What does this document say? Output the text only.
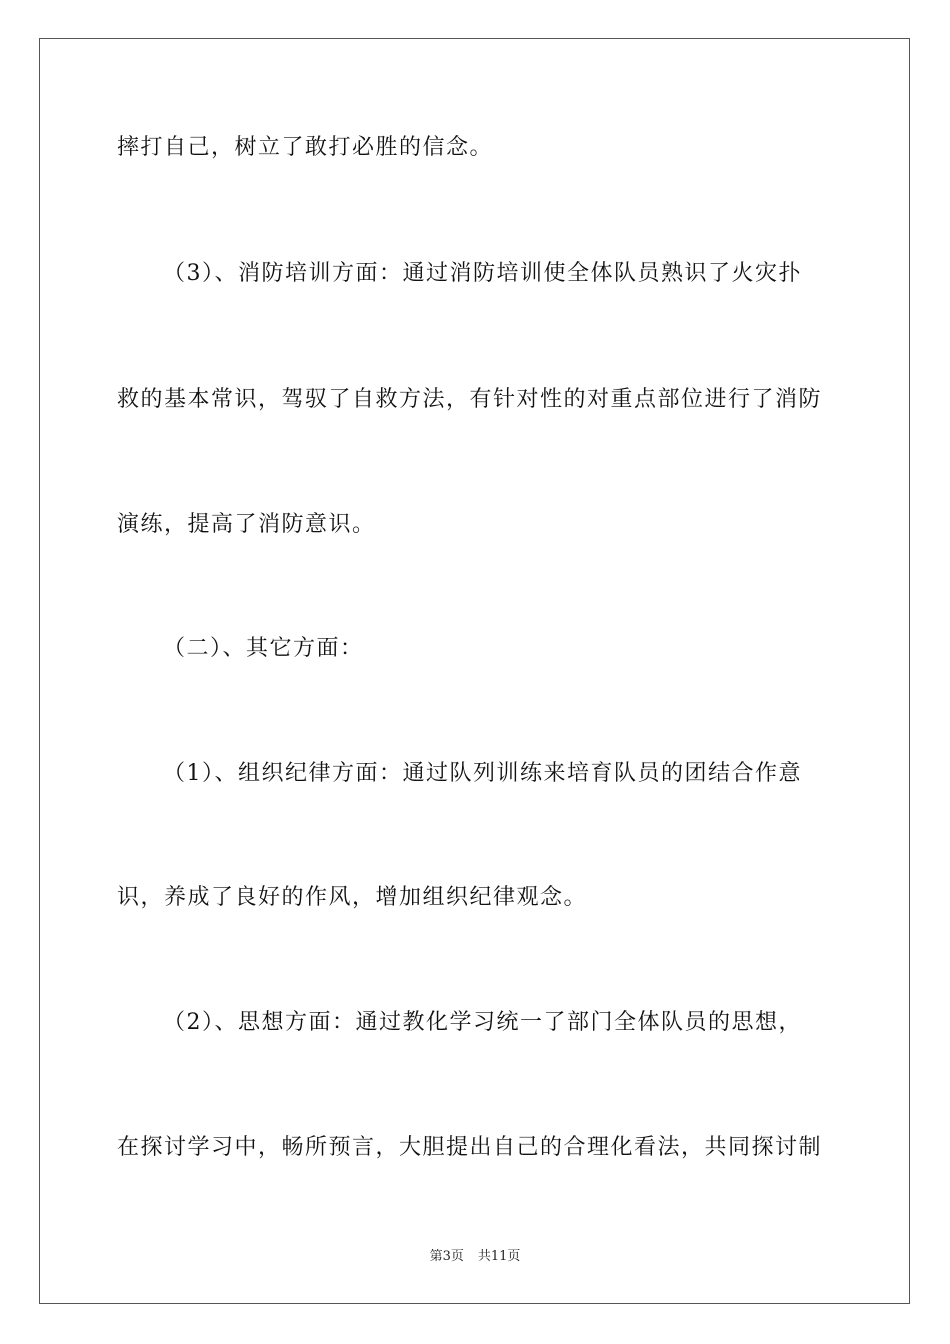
摔打自己，树立了敢打必胜的信念。
（3）、消防培训方面：通过消防培训使全体队员熟识了火灾扑
救的基本常识，驾驭了自救方法，有针对性的对重点部位进行了消防
演练，提高了消防意识。
（二）、其它方面：
（1）、组织纪律方面：通过队列训练来培育队员的团结合作意
识，养成了良好的作风，增加组织纪律观念。
（2）、思想方面：通过教化学习统一了部门全体队员的思想，
在探讨学习中，畅所预言，大胆提出自己的合理化看法，共同探讨制
第3页 共11页
